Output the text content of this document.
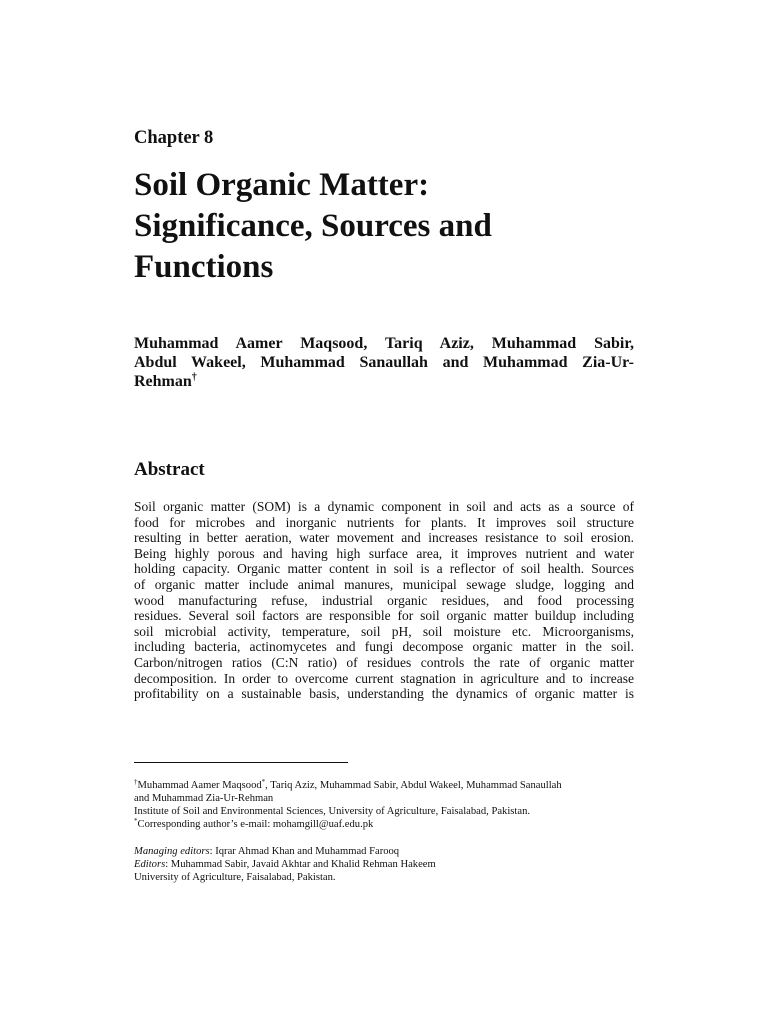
Chapter 8
Soil Organic Matter:
Significance, Sources and
Functions
Muhammad Aamer Maqsood, Tariq Aziz, Muhammad Sabir,
Abdul Wakeel, Muhammad Sanaullah and Muhammad Zia-Ur-
Rehman†
Abstract
Soil organic matter (SOM) is a dynamic component in soil and acts as a source of
food for microbes and inorganic nutrients for plants. It improves soil structure
resulting in better aeration, water movement and increases resistance to soil erosion.
Being highly porous and having high surface area, it improves nutrient and water
holding capacity. Organic matter content in soil is a reflector of soil health. Sources
of organic matter include animal manures, municipal sewage sludge, logging and
wood manufacturing refuse, industrial organic residues, and food processing
residues. Several soil factors are responsible for soil organic matter buildup including
soil microbial activity, temperature, soil pH, soil moisture etc. Microorganisms,
including bacteria, actinomycetes and fungi decompose organic matter in the soil.
Carbon/nitrogen ratios (C:N ratio) of residues controls the rate of organic matter
decomposition. In order to overcome current stagnation in agriculture and to increase
profitability on a sustainable basis, understanding the dynamics of organic matter is
†Muhammad Aamer Maqsood*, Tariq Aziz, Muhammad Sabir, Abdul Wakeel, Muhammad Sanaullah
and Muhammad Zia-Ur-Rehman
Institute of Soil and Environmental Sciences, University of Agriculture, Faisalabad, Pakistan.
*Corresponding author’s e-mail: mohamgill@uaf.edu.pk
Managing editors: Iqrar Ahmad Khan and Muhammad Farooq
Editors: Muhammad Sabir, Javaid Akhtar and Khalid Rehman Hakeem
University of Agriculture, Faisalabad, Pakistan.
